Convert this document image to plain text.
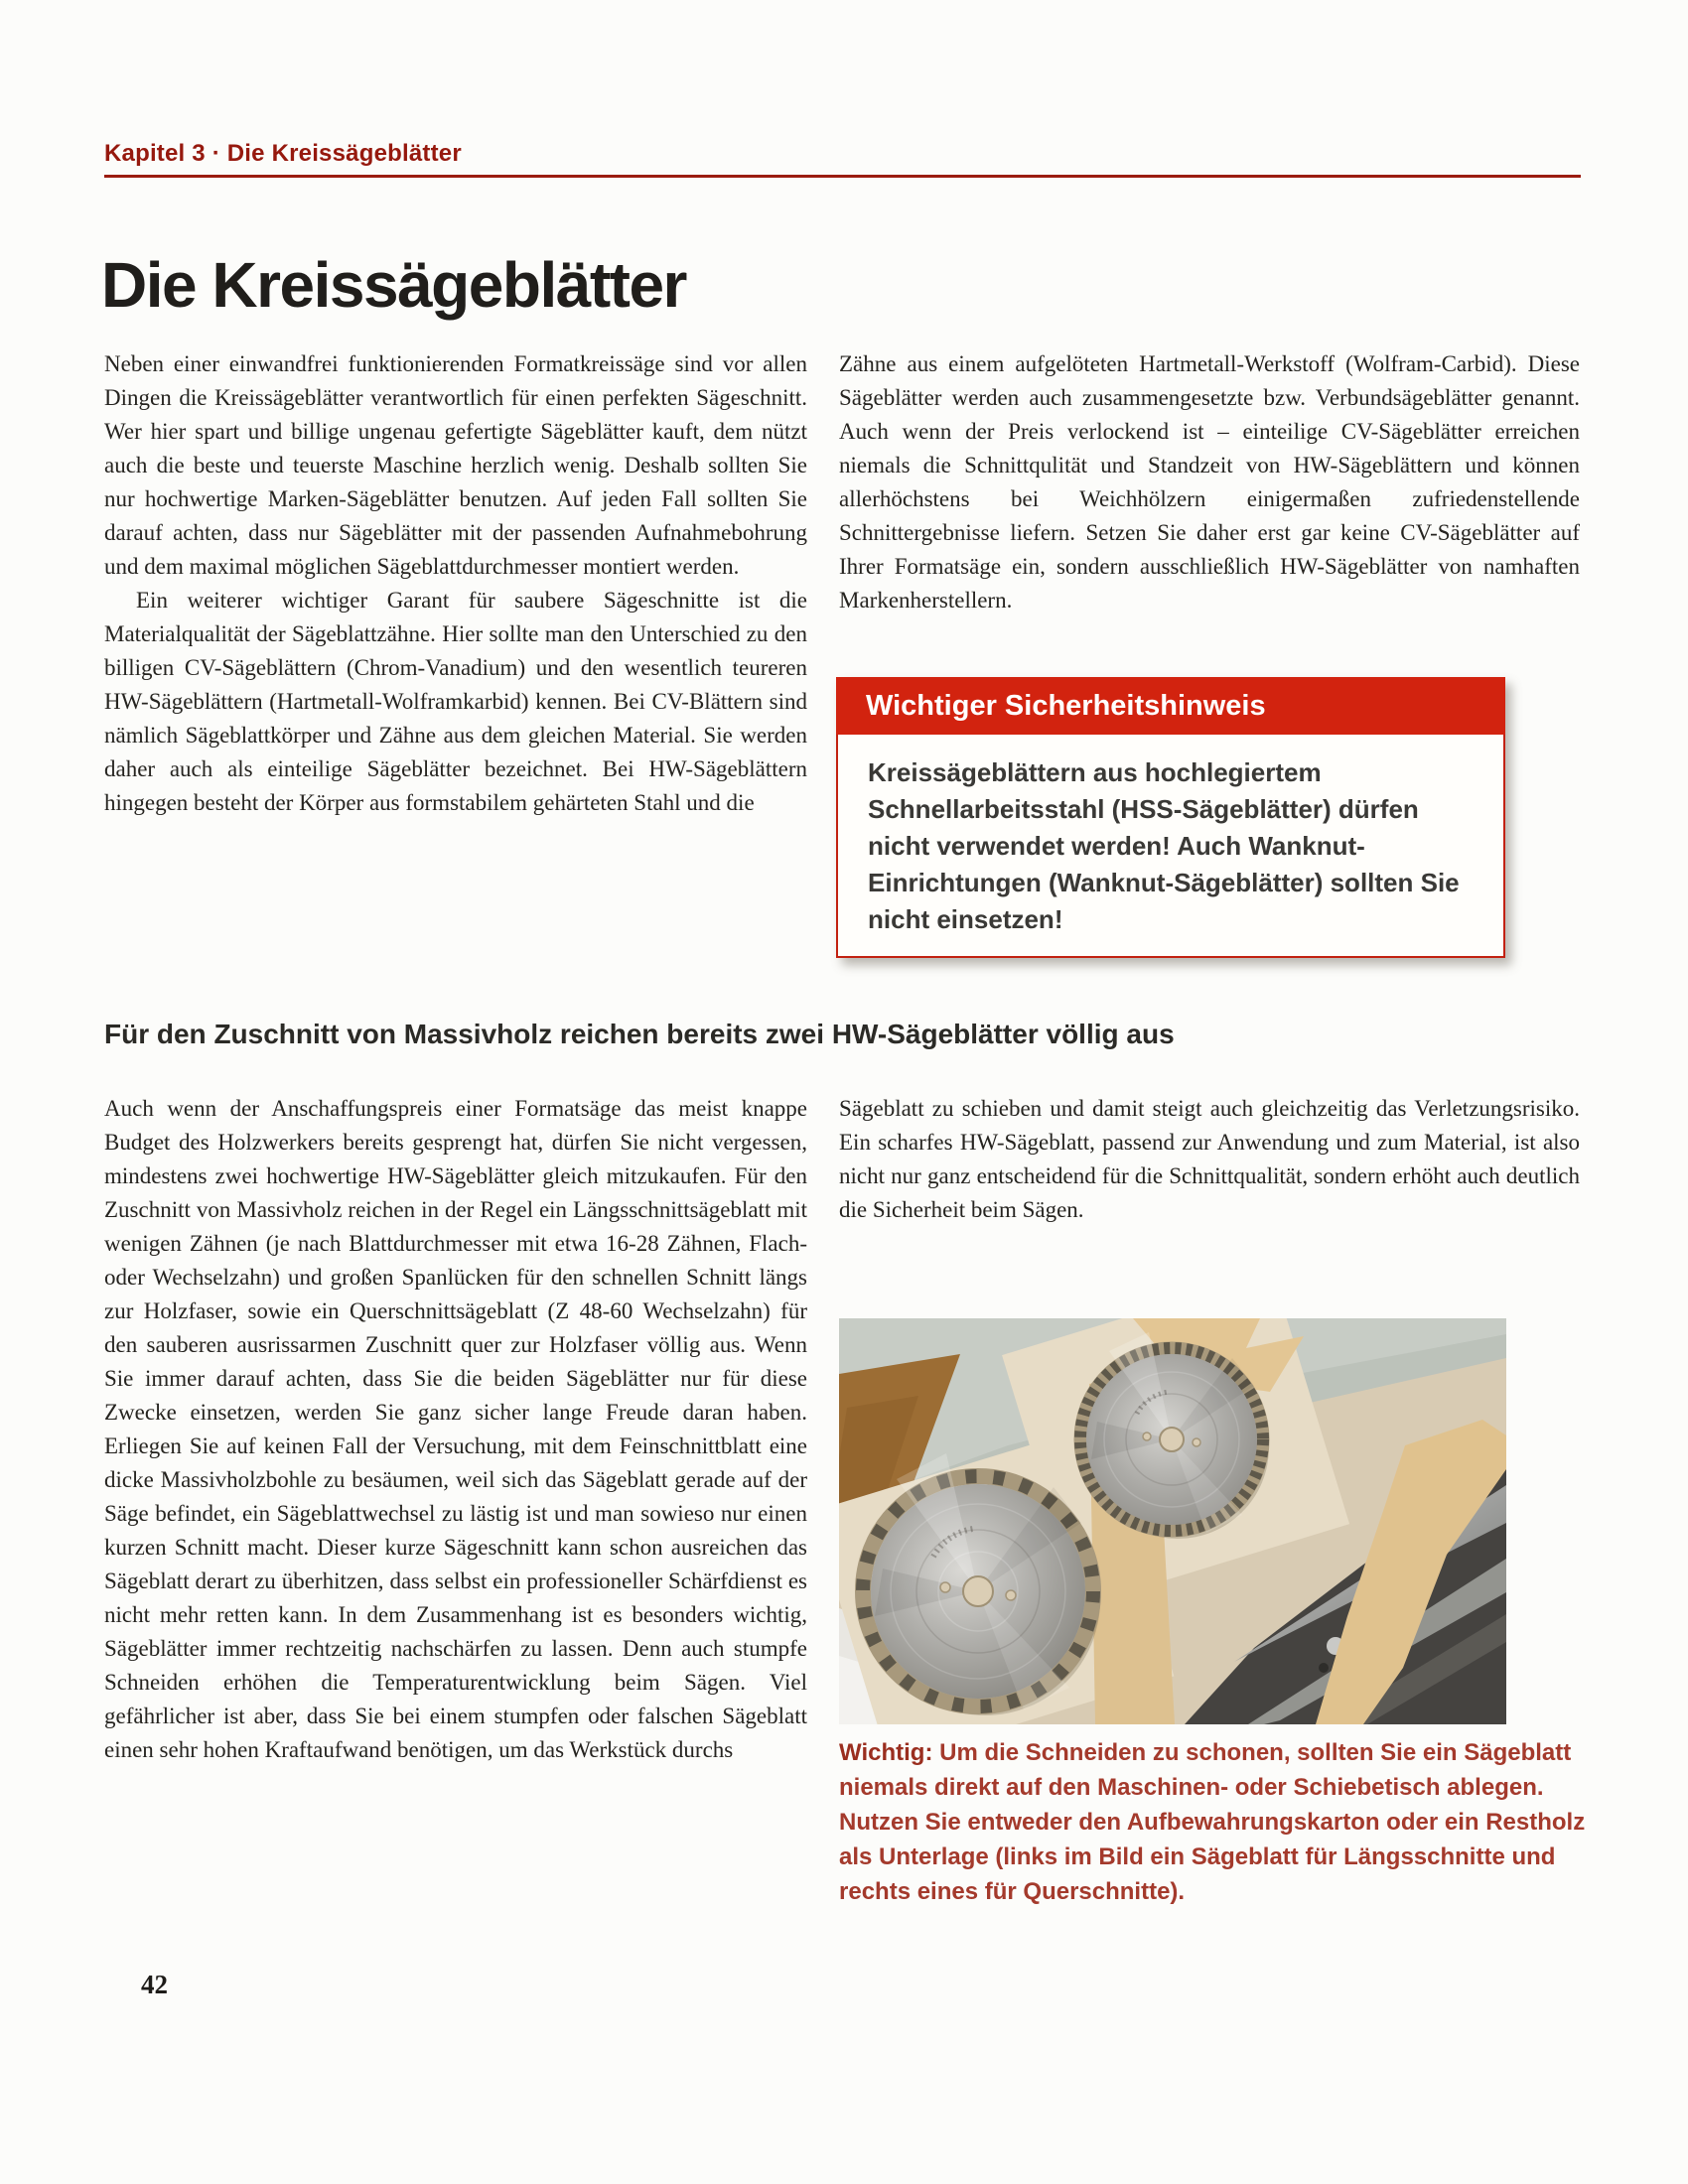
Kapitel 3 · Die Kreissägeblätter
Die Kreissägeblätter

Neben einer einwandfrei funktionierenden Formatkreissäge sind vor allen Dingen die Kreissägeblätter verantwortlich für einen perfekten Sägeschnitt. Wer hier spart und billige ungenau gefertigte Sägeblätter kauft, dem nützt auch die beste und teuerste Maschine herzlich wenig. Deshalb sollten Sie nur hochwertige Marken-Sägeblätter benutzen. Auf jeden Fall sollten Sie darauf achten, dass nur Sägeblätter mit der passenden Aufnahmebohrung und dem maximal möglichen Sägeblattdurchmesser montiert werden.

Ein weiterer wichtiger Garant für saubere Sägeschnitte ist die Materialqualität der Sägeblattzähne. Hier sollte man den Unterschied zu den billigen CV-Sägeblättern (Chrom-Vanadium) und den wesentlich teureren HW-Sägeblättern (Hartmetall-Wolframkarbid) kennen. Bei CV-Blättern sind nämlich Sägeblattkörper und Zähne aus dem gleichen Material. Sie werden daher auch als einteilige Sägeblätter bezeichnet. Bei HW-Sägeblättern hingegen besteht der Körper aus formstabilem gehärteten Stahl und die

Zähne aus einem aufgelöteten Hartmetall-Werkstoff (Wolfram-Carbid). Diese Sägeblätter werden auch zusammengesetzte bzw. Verbundsägeblätter genannt. Auch wenn der Preis verlockend ist – einteilige CV-Sägeblätter erreichen niemals die Schnittqulität und Standzeit von HW-Sägeblättern und können allerhöchstens bei Weichhölzern einigermaßen zufriedenstellende Schnittergebnisse liefern. Setzen Sie daher erst gar keine CV-Sägeblätter auf Ihrer Formatsäge ein, sondern ausschließlich HW-Sägeblätter von namhaften Markenherstellern.

Wichtiger Sicherheitshinweis

Kreissägeblättern aus hochlegiertem Schnellarbeitsstahl (HSS-Sägeblätter) dürfen nicht verwendet werden! Auch Wanknut-Einrichtungen (Wanknut-Sägeblätter) sollten Sie nicht einsetzen!

Für den Zuschnitt von Massivholz reichen bereits zwei HW-Sägeblätter völlig aus

Auch wenn der Anschaffungspreis einer Formatsäge das meist knappe Budget des Holzwerkers bereits gesprengt hat, dürfen Sie nicht vergessen, mindestens zwei hochwertige HW-Sägeblätter gleich mitzukaufen. Für den Zuschnitt von Massivholz reichen in der Regel ein Längsschnittsägeblatt mit wenigen Zähnen (je nach Blattdurchmesser mit etwa 16-28 Zähnen, Flach- oder Wechselzahn) und großen Spanlücken für den schnellen Schnitt längs zur Holzfaser, sowie ein Querschnittsägeblatt (Z 48-60 Wechselzahn) für den sauberen ausrissarmen Zuschnitt quer zur Holzfaser völlig aus. Wenn Sie immer darauf achten, dass Sie die beiden Sägeblätter nur für diese Zwecke einsetzen, werden Sie ganz sicher lange Freude daran haben. Erliegen Sie auf keinen Fall der Versuchung, mit dem Feinschnittblatt eine dicke Massivholzbohle zu besäumen, weil sich das Sägeblatt gerade auf der Säge befindet, ein Sägeblattwechsel zu lästig ist und man sowieso nur einen kurzen Schnitt macht. Dieser kurze Sägeschnitt kann schon ausreichen das Sägeblatt derart zu überhitzen, dass selbst ein professioneller Schärfdienst es nicht mehr retten kann. In dem Zusammenhang ist es besonders wichtig, Sägeblätter immer rechtzeitig nachschärfen zu lassen. Denn auch stumpfe Schneiden erhöhen die Temperaturentwicklung beim Sägen. Viel gefährlicher ist aber, dass Sie bei einem stumpfen oder falschen Sägeblatt einen sehr hohen Kraftaufwand benötigen, um das Werkstück durchs

Sägeblatt zu schieben und damit steigt auch gleichzeitig das Verletzungsrisiko. Ein scharfes HW-Sägeblatt, passend zur Anwendung und zum Material, ist also nicht nur ganz entscheidend für die Schnittqualität, sondern erhöht auch deutlich die Sicherheit beim Sägen.

Wichtig: Um die Schneiden zu schonen, sollten Sie ein Sägeblatt niemals direkt auf den Maschinen- oder Schiebetisch ablegen. Nutzen Sie entweder den Aufbewahrungskarton oder ein Restholz als Unterlage (links im Bild ein Sägeblatt für Längsschnitte und rechts eines für Querschnitte).

42
